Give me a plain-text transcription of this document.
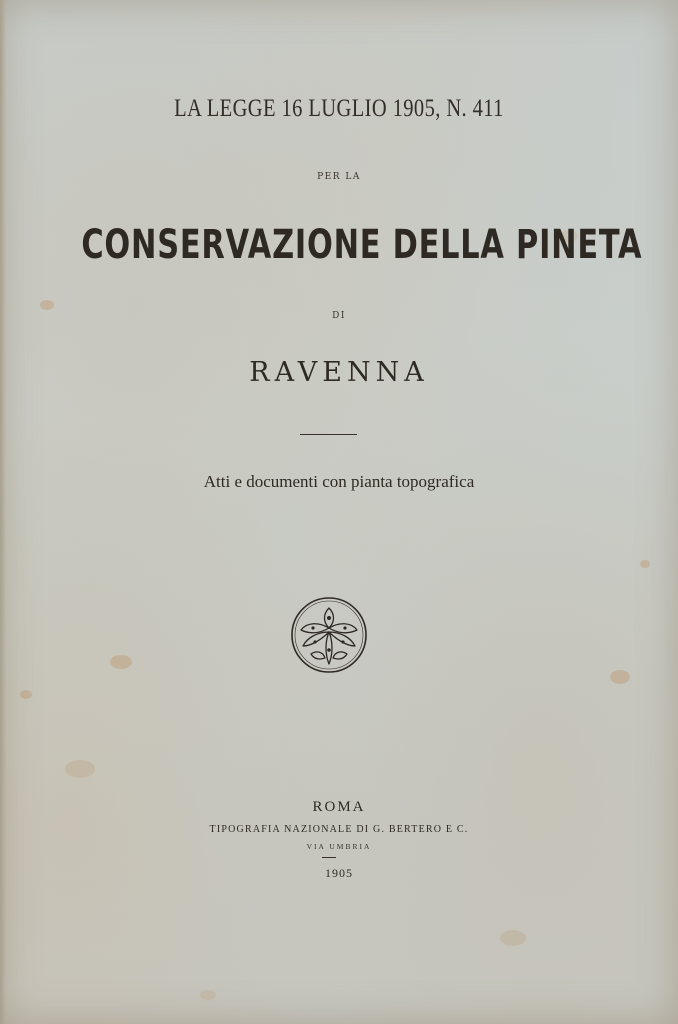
LA LEGGE 16 LUGLIO 1905, N. 411
PER LA
CONSERVAZIONE DELLA PINETA
DI
RAVENNA
Atti e documenti con pianta topografica
ROMA
TIPOGRAFIA NAZIONALE DI G. BERTERO E C.
VIA UMBRIA
1905
